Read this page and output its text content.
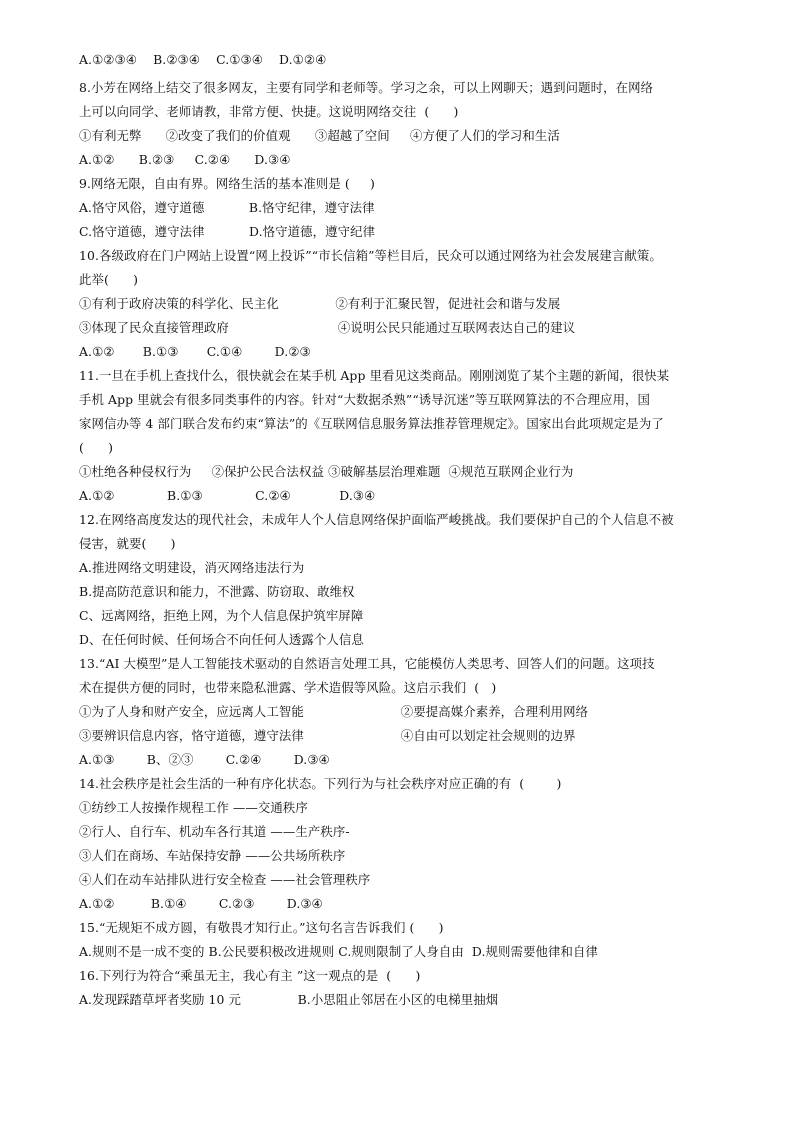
A.①②③④    B.②③④    C.①③④    D.①②④
8.小芳在网络上结交了很多网友，主要有同学和老师等。学习之余，可以上网聊天；遇到问题时，在网络
上可以向同学、老师请教，非常方便、快捷。这说明网络交往  (      )
①有利无弊      ②改变了我们的价值观      ③超越了空间     ④方便了人们的学习和生活
A.①②      B.②③     C.②④      D.③④
9.网络无限，自由有界。网络生活的基本准则是 (     )
A.恪守风俗，遵守道德           B.恪守纪律，遵守法律
C.恪守道德，遵守法律           D.恪守道德，遵守纪律
10.各级政府在门户网站上设置“网上投诉”“市长信箱”等栏目后，民众可以通过网络为社会发展建言献策。
此举(      )
①有利于政府决策的科学化、民主化              ②有利于汇聚民智，促进社会和谐与发展
③体现了民众直接管理政府                           ④说明公民只能通过互联网表达自己的建议
A.①②       B.①③       C.①④        D.②③
11.一旦在手机上查找什么，很快就会在某手机 App 里看见这类商品。刚刚浏览了某个主题的新闻，很快某
手机 App 里就会有很多同类事件的内容。针对“大数据杀熟”“诱导沉迷”等互联网算法的不合理应用，国
家网信办等 4 部门联合发布约束“算法”的《互联网信息服务算法推荐管理规定》。国家出台此项规定是为了
(      )
①杜绝各种侵权行为     ②保护公民合法权益 ③破解基层治理难题  ④规范互联网企业行为
A.①②             B.①③             C.②④            D.③④
12.在网络高度发达的现代社会，未成年人个人信息网络保护面临严峻挑战。我们要保护自己的个人信息不被
侵害，就要(      )
A.推进网络文明建设，消灭网络违法行为
B.提高防范意识和能力，不泄露、防窃取、敢维权
C、远离网络，拒绝上网，为个人信息保护筑牢屏障
D、在任何时候、任何场合不向任何人透露个人信息
13.“ΑI 大模型”是人工智能技术驱动的自然语言处理工具，它能模仿人类思考、回答人们的问题。这项技
术在提供方便的同时，也带来隐私泄露、学术造假等风险。这启示我们  (   )
①为了人身和财产安全，应远离人工智能                        ②要提高媒介素养，合理利用网络
③要辨识信息内容，恪守道德，遵守法律                        ④自由可以划定社会规则的边界
A.①③        B、②③        C.②④        D.③④
14.社会秩序是社会生活的一种有序化状态。下列行为与社会秩序对应正确的有  (        )
①纺纱工人按操作规程工作 ——交通秩序
②行人、自行车、机动车各行其道 ——生产秩序-
③人们在商场、车站保持安静 ——公共场所秩序
④人们在动车站排队进行安全检查 ——社会管理秩序
A.①②         B.①④        C.②③        D.③④
15.“无规矩不成方圆，有敬畏才知行止。”这句名言告诉我们 (      )
A.规则不是一成不变的 B.公民要积极改进规则 C.规则限制了人身自由  D.规则需要他律和自律
16.下列行为符合“乘虽无主，我心有主 ”这一观点的是  (      )
A.发现踩踏草坪者奖励 10 元              B.小思阻止邻居在小区的电梯里抽烟
